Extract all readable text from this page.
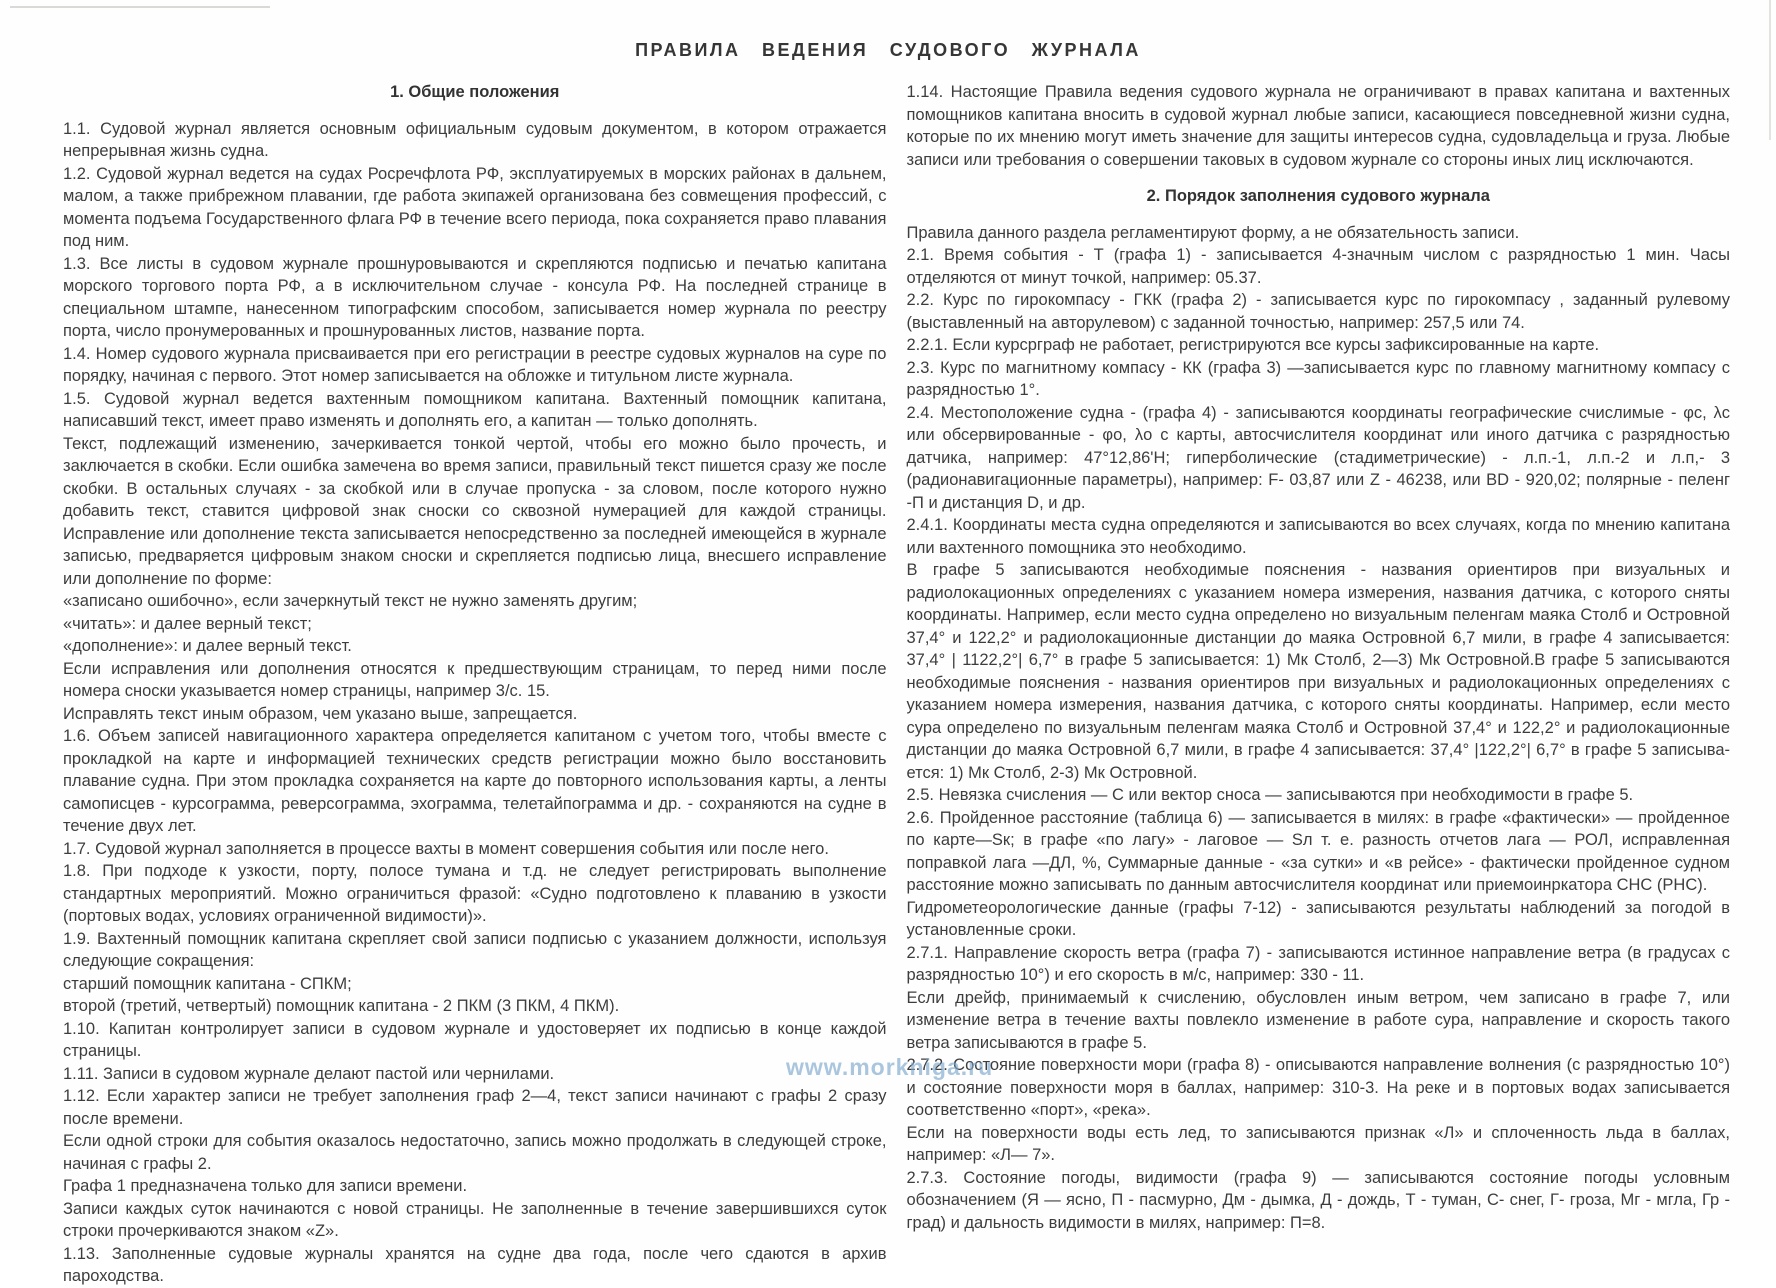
ПРАВИЛА ВЕДЕНИЯ СУДОВОГО ЖУРНАЛА

1. Общие положения

1.1. Судовой журнал является основным официальным судовым документом, в котором отражается непрерывная жизнь судна.

1.2. Судовой журнал ведется на судах Росречфлота РФ, эксплуатируемых в морских районах в дальнем, малом, а также прибрежном плавании, где работа экипажей организована без совмещения профессий, с момента подъема Государственного флага РФ в течение всего периода, пока сохраняется право плавания под ним.

1.3. Все листы в судовом журнале прошнуровываются и скрепляются подписью и печатью капитана морского торгового порта РФ, а в исключительном случае - консула РФ. На последней странице в специальном штампе, нанесенном типографским способом, записывается номер журнала по реестру порта, число пронумерованных и прошнурованных листов, название порта.

1.4. Номер судового журнала присваивается при его регистрации в реестре судовых журналов на суре по порядку, начиная с первого. Этот номер записывается на обложке и титульном листе журнала.

1.5. Судовой журнал ведется вахтенным помощником капитана. Вахтенный помощник капитана, написавший текст, имеет право изменять и дополнять его, а капитан — только дополнять.

Текст, подлежащий изменению, зачеркивается тонкой чертой, чтобы его можно было прочесть, и заключается в скобки. Если ошибка замечена во время записи, правильный текст пишется сразу же после скобки. В остальных случаях - за скобкой или в случае пропуска - за словом, после которого нужно добавить текст, ставится цифровой знак сноски со сквозной нумерацией для каждой страницы. Исправление или дополнение текста записывается непосредственно за последней имеющейся в журнале записью, предваряется цифровым знаком сноски и скрепляется подписью лица, внесшего исправление или дополнение по форме:

«записано ошибочно», если зачеркнутый текст не нужно заменять другим;

«читать»: и далее верный текст;

«дополнение»: и далее верный текст.

Если исправления или дополнения относятся к предшествующим страницам, то перед ними после номера сноски указывается номер страницы, например 3/с. 15.

Исправлять текст иным образом, чем указано выше, запрещается.

1.6. Объем записей навигационного характера определяется капитаном с учетом того, чтобы вместе с прокладкой на карте и информацией технических средств регистрации можно было восстановить плавание судна. При этом прокладка сохраняется на карте до повторного использования карты, а ленты самописцев - курсограмма, реверсограмма, эхограмма, телетайпограмма и др. - сохраняются на судне в течение двух лет.

1.7. Судовой журнал заполняется в процессе вахты в момент совершения события или после него.

1.8. При подходе к узкости, порту, полосе тумана и т.д. не следует регистрировать выполнение стандартных мероприятий. Можно ограничиться фразой: «Судно подготовлено к плаванию в узкости (портовых водах, условиях ограниченной видимости)».

1.9. Вахтенный помощник капитана скрепляет свой записи подписью с указанием должности, используя следующие сокращения:

старший помощник капитана - СПКМ;

второй (третий, четвертый) помощник капитана - 2 ПКМ (3 ПКМ, 4 ПКМ).

1.10. Капитан контролирует записи в судовом журнале и удостоверяет их подписью в конце каждой страницы.

1.11. Записи в судовом журнале делают пастой или чернилами.

1.12. Если характер записи не требует заполнения граф 2—4, текст записи начинают с графы 2 сразу после времени.

Если одной строки для события оказалось недостаточно, запись можно продолжать в следующей строке, начиная с графы 2.

Графа 1 предназначена только для записи времени.

Записи каждых суток начинаются с новой страницы. Не заполненные в течение завершившихся суток строки прочеркиваются знаком «Z».

1.13. Заполненные судовые журналы хранятся на судне два года, после чего сдаются в архив пароходства.

1.14. Настоящие Правила ведения судового журнала не ограничивают в правах капитана и вахтенных помощников капитана вносить в судовой журнал любые записи, касающиеся повседневной жизни судна, которые по их мнению могут иметь значение для защиты интересов судна, судовладельца и груза. Любые записи или требования о совершении таковых в судовом журнале со стороны иных лиц исключаются.

2. Порядок заполнения судового журнала

Правила данного раздела регламентируют форму, а не обязательность записи.

2.1. Время события - Т (графа 1) - записывается 4-значным числом с разрядностью 1 мин. Часы отделяются от минут точкой, например: 05.37.

2.2. Курс по гирокомпасу - ГКК (графа 2) - записывается курс по гирокомпасу , заданный рулевому (выставленный на авторулевом) с заданной точностью, например: 257,5 или 74.

2.2.1. Если курсрграф не работает, регистрируются все курсы зафиксированные на карте.

2.3. Курс по магнитному компасу - КК (графа 3) —записывается курс по главному магнитному компасу с разрядностью 1°.

2.4. Местоположение судна - (графа 4) - записываются координаты географические счислимые - φс, λс или обсервированные - φо, λо с карты, автосчислителя координат или иного датчика с разрядностью датчика, например: 47°12,86'Н; гиперболические (стадиметрические) - л.п.-1, л.п.-2 и л.п,- 3 (радионавигационные параметры), например: F- 03,87 или Z - 46238, или BD - 920,02; полярные - пеленг -П и дистанция D, и др.

2.4.1. Координаты места судна определяются и записываются во всех случаях, когда по мнению капитана или вахтенного помощника это необходимо.

В графе 5 записываются необходимые пояснения - названия ориентиров при визуальных и радиолокационных определениях с указанием номера измерения, названия датчика, с которого сняты координаты. Например, если место судна определено но визуальным пеленгам маяка Столб и Островной 37,4° и 122,2° и радиолокационные дистанции до маяка Островной 6,7 мили, в графе 4 записывается: 37,4° | 1122,2°| 6,7° в графе 5 записывается: 1) Мк Столб, 2—3) Мк Островной.В графе 5 записываются необходимые пояснения - названия ориентиров при визуальных и радиолокационных определениях с указанием номера измерения, названия датчика, с которого сняты координаты. Например, если место сура определено по визуальным пеленгам маяка Столб и Островной 37,4° и 122,2° и радиолокационные дистанции до маяка Островной 6,7 мили, в графе 4 записывается: 37,4° |122,2°| 6,7° в графе 5 записывается: 1) Мк Столб, 2-3) Мк Островной.

2.5. Невязка счисления — С или вектор сноса — записываются при необходимости в графе 5.

2.6. Пройденное расстояние (таблица 6) — записывается в милях: в графе «фактически» — пройденное по карте—Sк; в графе «по лагу» - лаговое — Sл т. е. разность отчетов лага — РОЛ, исправленная поправкой лага —ДЛ, %, Суммарные данные - «за сутки» и «в рейсе» - фактически пройденное судном расстояние можно записывать по данным автосчислителя координат или приемоинркатора СНС (РНС).

Гидрометеорологические данные (графы 7-12) - записываются результаты наблюдений за погодой в установленные сроки.

2.7.1. Направление скорость ветра (графа 7) - записываются истинное направление ветра (в градусах с разрядностью 10°) и его скорость в м/с, например: 330 - 11.

Если дрейф, принимаемый к счислению, обусловлен иным ветром, чем записано в графе 7, или изменение ветра в течение вахты повлекло изменение в работе сура, направление и скорость такого ветра записываются в графе 5.

2.7.2. Состояние поверхности мори (графа 8) - описываются направление волнения (с разрядностью 10°) и состояние поверхности моря в баллах, например: 310-3. На реке и в портовых водах записывается соответственно «порт», «река».

Если на поверхности воды есть лед, то записываются признак «Л» и сплоченность льда в баллах, например: «Л— 7».

2.7.3. Состояние погоды, видимости (графа 9) — записываются состояние погоды условным обозначением (Я — ясно, П - пасмурно, Дм - дымка, Д - дождь, Т - туман, С- снег, Г- гроза, Мг - мгла, Гр - град) и дальность видимости в милях, например: П=8.

www.morkniga.ru
